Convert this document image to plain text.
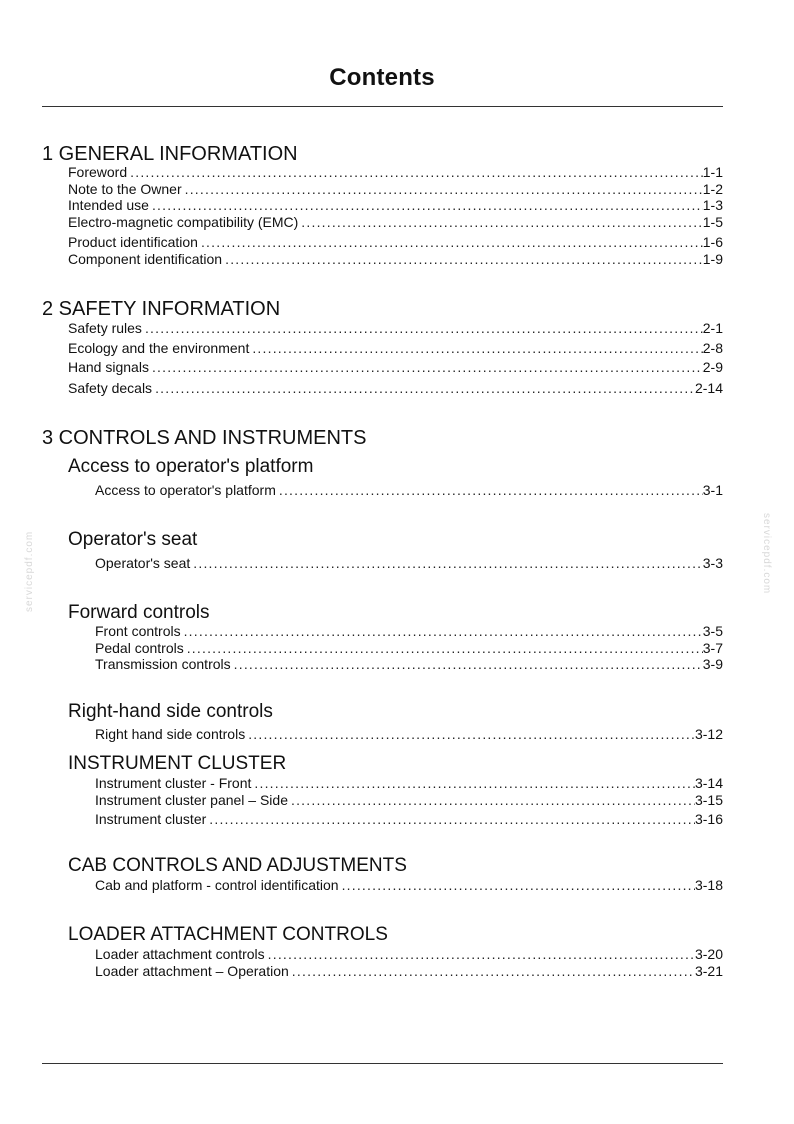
Contents
1 GENERAL INFORMATION
Foreword .....	1-1
Note to the Owner .....	1-2
Intended use .....	1-3
Electro-magnetic compatibility (EMC) .....	1-5
Product identification .....	1-6
Component identification .....	1-9
2 SAFETY INFORMATION
Safety rules .....	2-1
Ecology and the environment .....	2-8
Hand signals .....	2-9
Safety decals .....	2-14
3 CONTROLS AND INSTRUMENTS
Access to operator's platform
Access to operator's platform .....	3-1
Operator's seat
Operator's seat .....	3-3
Forward controls
Front controls .....	3-5
Pedal controls .....	3-7
Transmission controls .....	3-9
Right-hand side controls
Right hand side controls .....	3-12
INSTRUMENT CLUSTER
Instrument cluster - Front .....	3-14
Instrument cluster panel – Side .....	3-15
Instrument cluster .....	3-16
CAB CONTROLS AND ADJUSTMENTS
Cab and platform - control identification .....	3-18
LOADER ATTACHMENT CONTROLS
Loader attachment controls .....	3-20
Loader attachment – Operation .....	3-21
servicepdf.com	servicepdf.com
